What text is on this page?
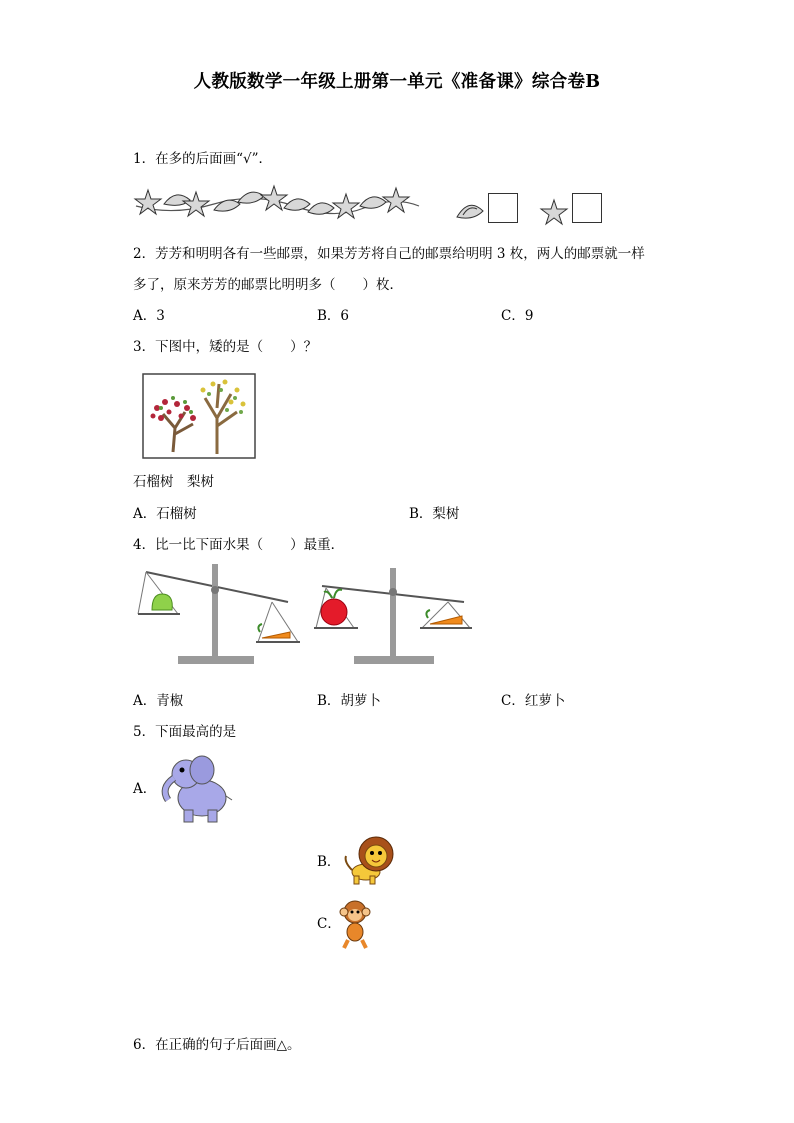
人教版数学一年级上册第一单元《准备课》综合卷B
1．在多的后面画“√”．
2．芳芳和明明各有一些邮票，如果芳芳将自己的邮票给明明 3 枚，两人的邮票就一样
多了，原来芳芳的邮票比明明多（　　）枚．
A．3	B．6	C．9
3．下图中，矮的是（　　）？
石榴树　梨树
A．石榴树	B．梨树
4．比一比下面水果（　　）最重．
A．青椒	B．胡萝卜	C．红萝卜
5．下面最高的是
A．
B．
C．
6．在正确的句子后面画△。
